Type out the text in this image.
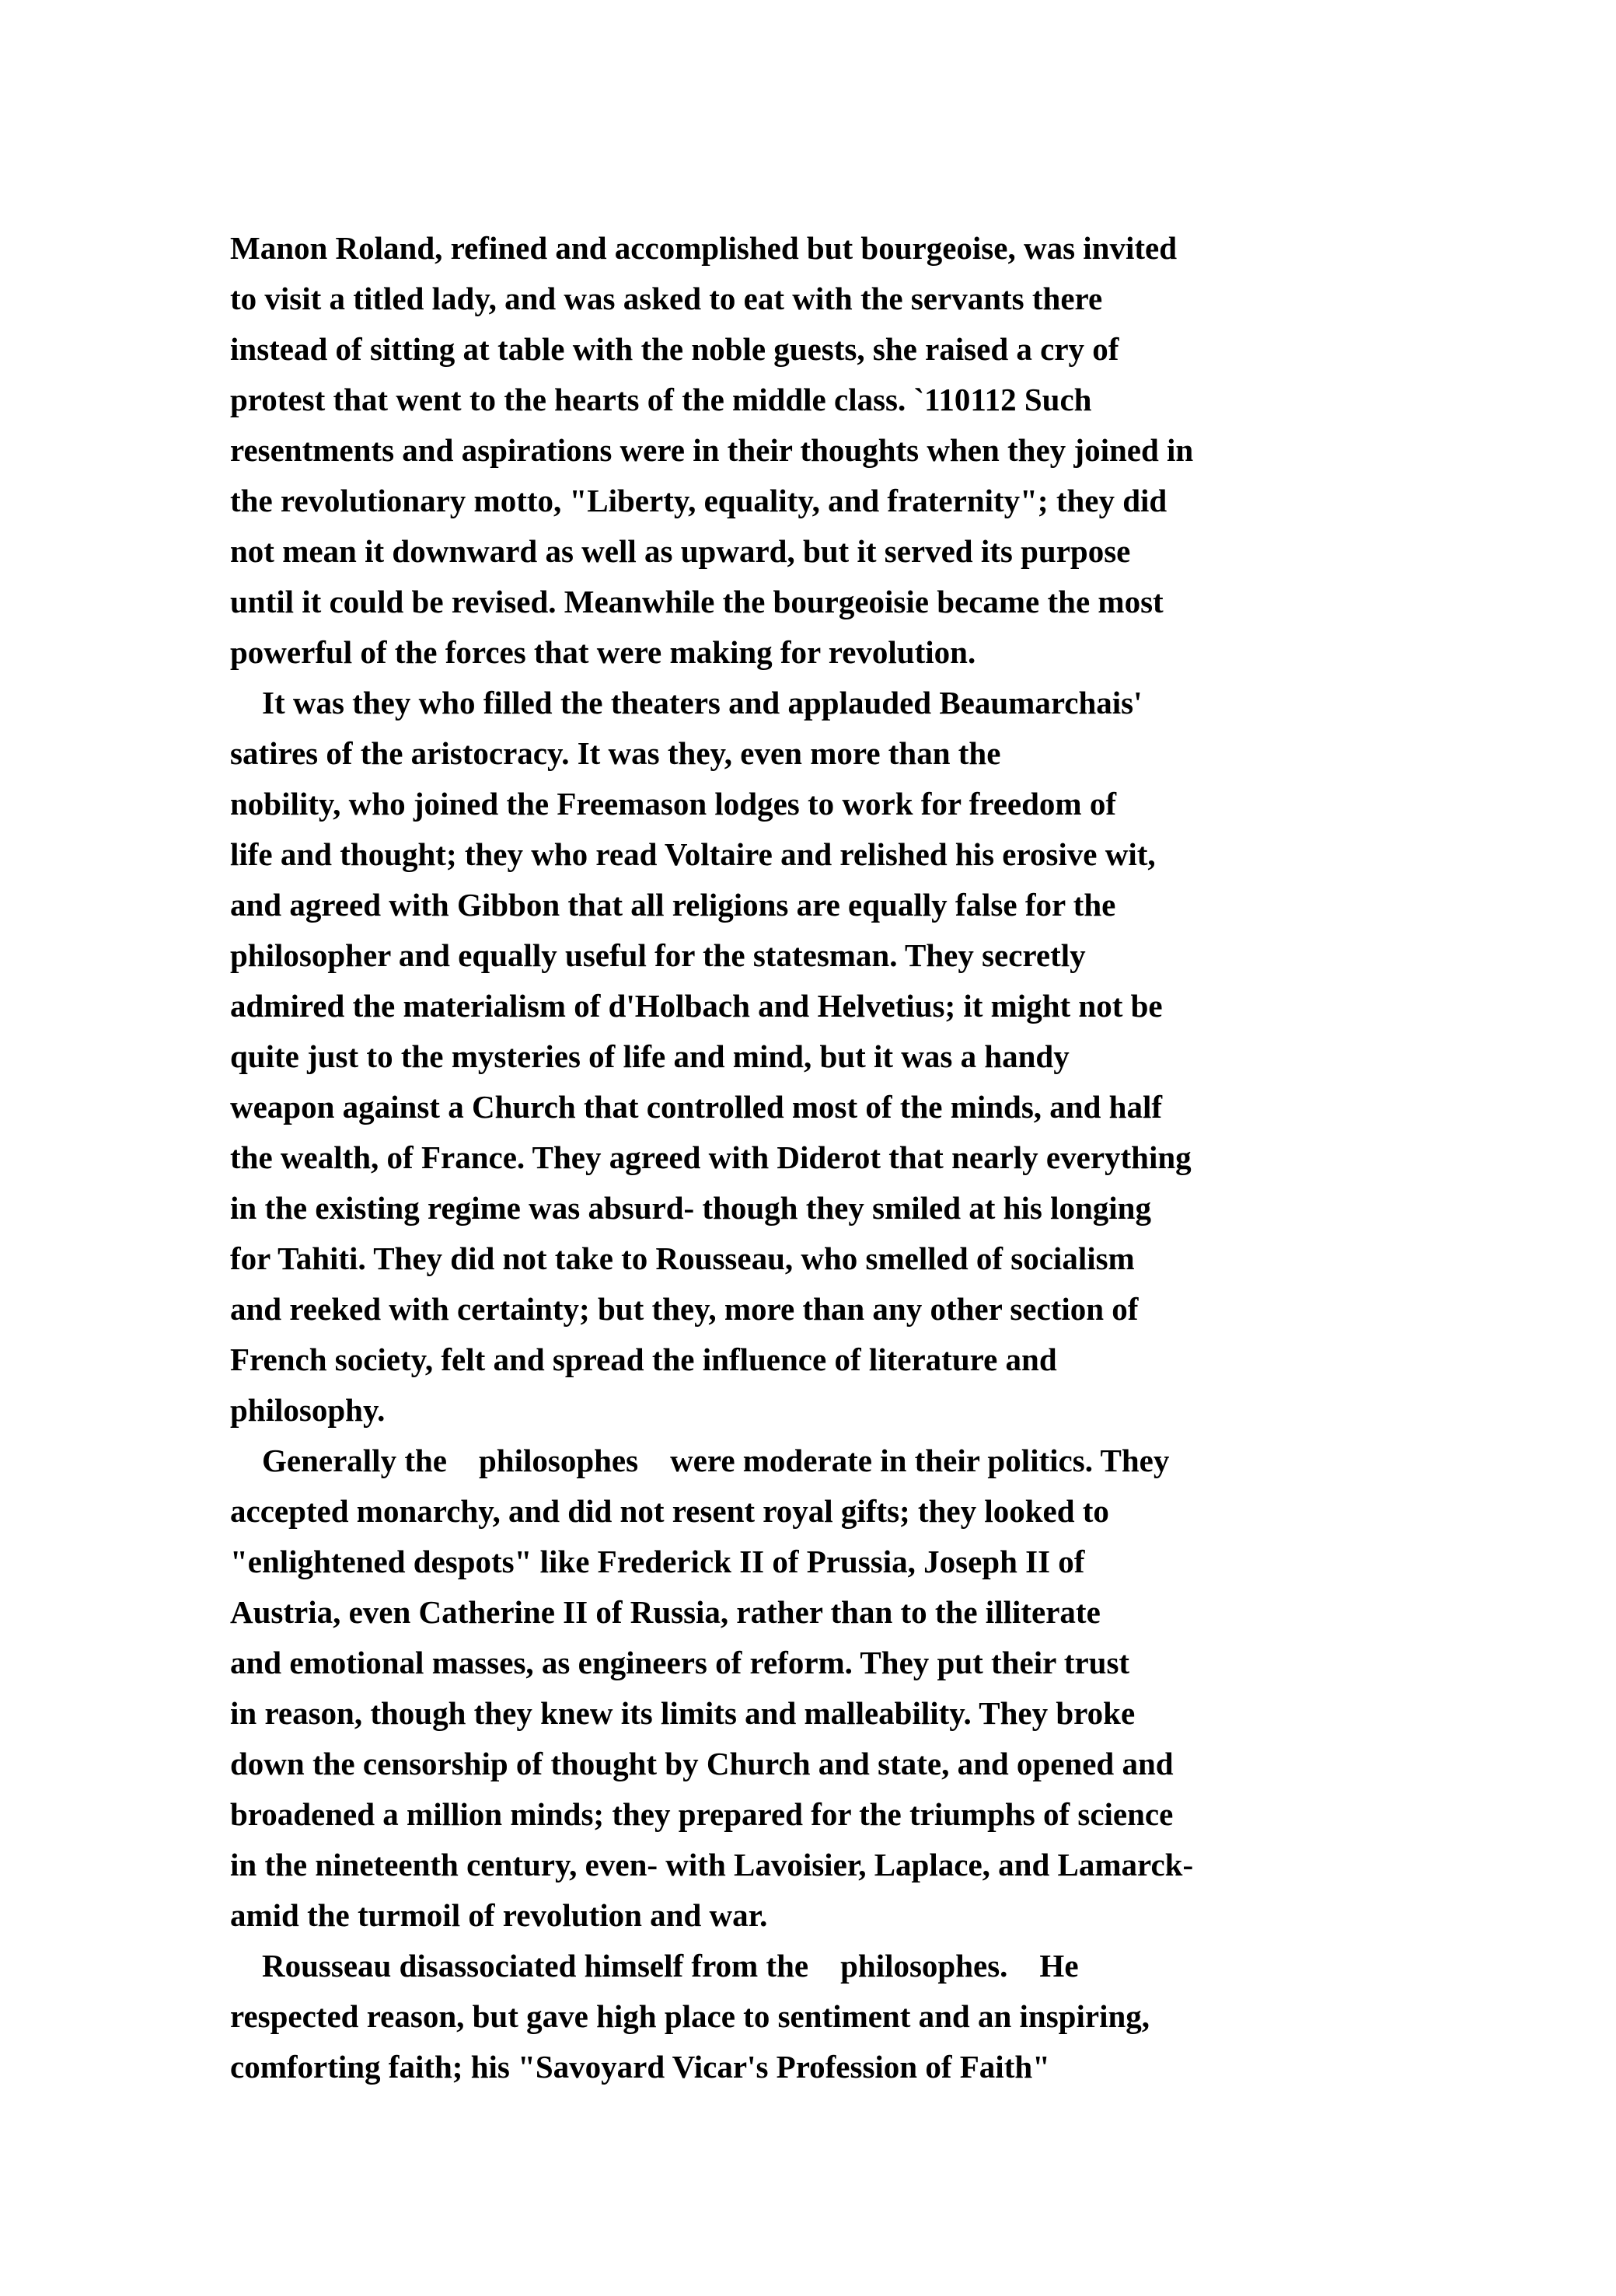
Manon Roland, refined and accomplished but bourgeoise, was invited
to visit a titled lady, and was asked to eat with the servants there
instead of sitting at table with the noble guests, she raised a cry of
protest that went to the hearts of the middle class. `110112 Such
resentments and aspirations were in their thoughts when they joined in
the revolutionary motto, "Liberty, equality, and fraternity"; they did
not mean it downward as well as upward, but it served its purpose
until it could be revised. Meanwhile the bourgeoisie became the most
powerful of the forces that were making for revolution.
It was they who filled the theaters and applauded Beaumarchais'
satires of the aristocracy. It was they, even more than the
nobility, who joined the Freemason lodges to work for freedom of
life and thought; they who read Voltaire and relished his erosive wit,
and agreed with Gibbon that all religions are equally false for the
philosopher and equally useful for the statesman. They secretly
admired the materialism of d'Holbach and Helvetius; it might not be
quite just to the mysteries of life and mind, but it was a handy
weapon against a Church that controlled most of the minds, and half
the wealth, of France. They agreed with Diderot that nearly everything
in the existing regime was absurd- though they smiled at his longing
for Tahiti. They did not take to Rousseau, who smelled of socialism
and reeked with certainty; but they, more than any other section of
French society, felt and spread the influence of literature and
philosophy.
Generally the    philosophes    were moderate in their politics. They
accepted monarchy, and did not resent royal gifts; they looked to
"enlightened despots" like Frederick II of Prussia, Joseph II of
Austria, even Catherine II of Russia, rather than to the illiterate
and emotional masses, as engineers of reform. They put their trust
in reason, though they knew its limits and malleability. They broke
down the censorship of thought by Church and state, and opened and
broadened a million minds; they prepared for the triumphs of science
in the nineteenth century, even- with Lavoisier, Laplace, and Lamarck-
amid the turmoil of revolution and war.
Rousseau disassociated himself from the    philosophes.    He
respected reason, but gave high place to sentiment and an inspiring,
comforting faith; his "Savoyard Vicar's Profession of Faith"
